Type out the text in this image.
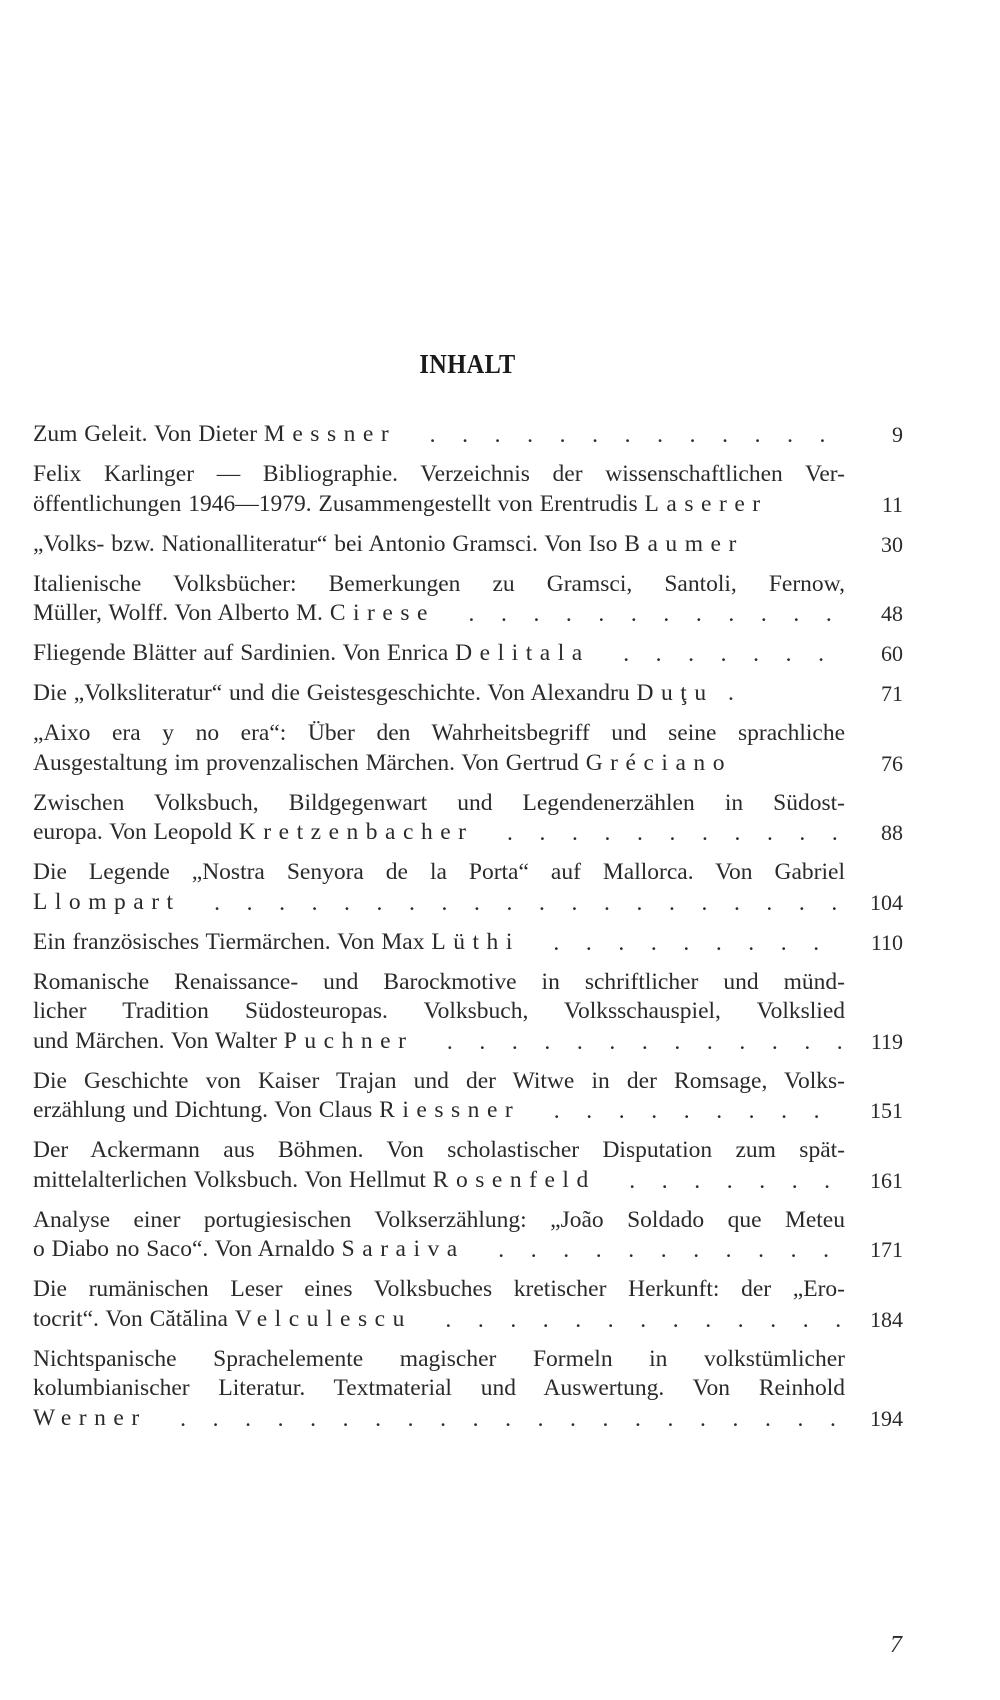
INHALT
Zum Geleit. Von Dieter Messner . . .	9
Felix Karlinger — Bibliographie. Verzeichnis der wissenschaftlichen Ver-
öffentlichungen 1946—1979. Zusammengestellt von Erentrudis Laserer	11
„Volks- bzw. Nationalliteratur“ bei Antonio Gramsci. Von Iso Baumer	30
Italienische Volksbücher: Bemerkungen zu Gramsci, Santoli, Fernow,
Müller, Wolff. Von Alberto M. Cirese . . .	48
Fliegende Blätter auf Sardinien. Von Enrica Delitala . . .	60
Die „Volksliteratur“ und die Geistesgeschichte. Von Alexandru Duţu .	71
„Aixo era y no era“: Über den Wahrheitsbegriff und seine sprachliche
Ausgestaltung im provenzalischen Märchen. Von Gertrud Gréciano	76
Zwischen Volksbuch, Bildgegenwart und Legendenerzählen in Südost-
europa. Von Leopold Kretzenbacher . . .	88
Die Legende „Nostra Senyora de la Porta“ auf Mallorca. Von Gabriel
Llompart . . .	104
Ein französisches Tiermärchen. Von Max Lüthi . . .	110
Romanische Renaissance- und Barockmotive in schriftlicher und münd-
licher Tradition Südosteuropas. Volksbuch, Volksschauspiel, Volkslied
und Märchen. Von Walter Puchner . . .	119
Die Geschichte von Kaiser Trajan und der Witwe in der Romsage, Volks-
erzählung und Dichtung. Von Claus Riessner . . .	151
Der Ackermann aus Böhmen. Von scholastischer Disputation zum spät-
mittelalterlichen Volksbuch. Von Hellmut Rosenfeld . . .	161
Analyse einer portugiesischen Volkserzählung: „João Soldado que Meteu
o Diabo no Saco“. Von Arnaldo Saraiva . . .	171
Die rumänischen Leser eines Volksbuches kretischer Herkunft: der „Ero-
tocrit“. Von Cătălina Velculescu . . .	184
Nichtspanische Sprachelemente magischer Formeln in volkstümlicher
kolumbianischer Literatur. Textmaterial und Auswertung. Von Reinhold
Werner . . .	194
7
